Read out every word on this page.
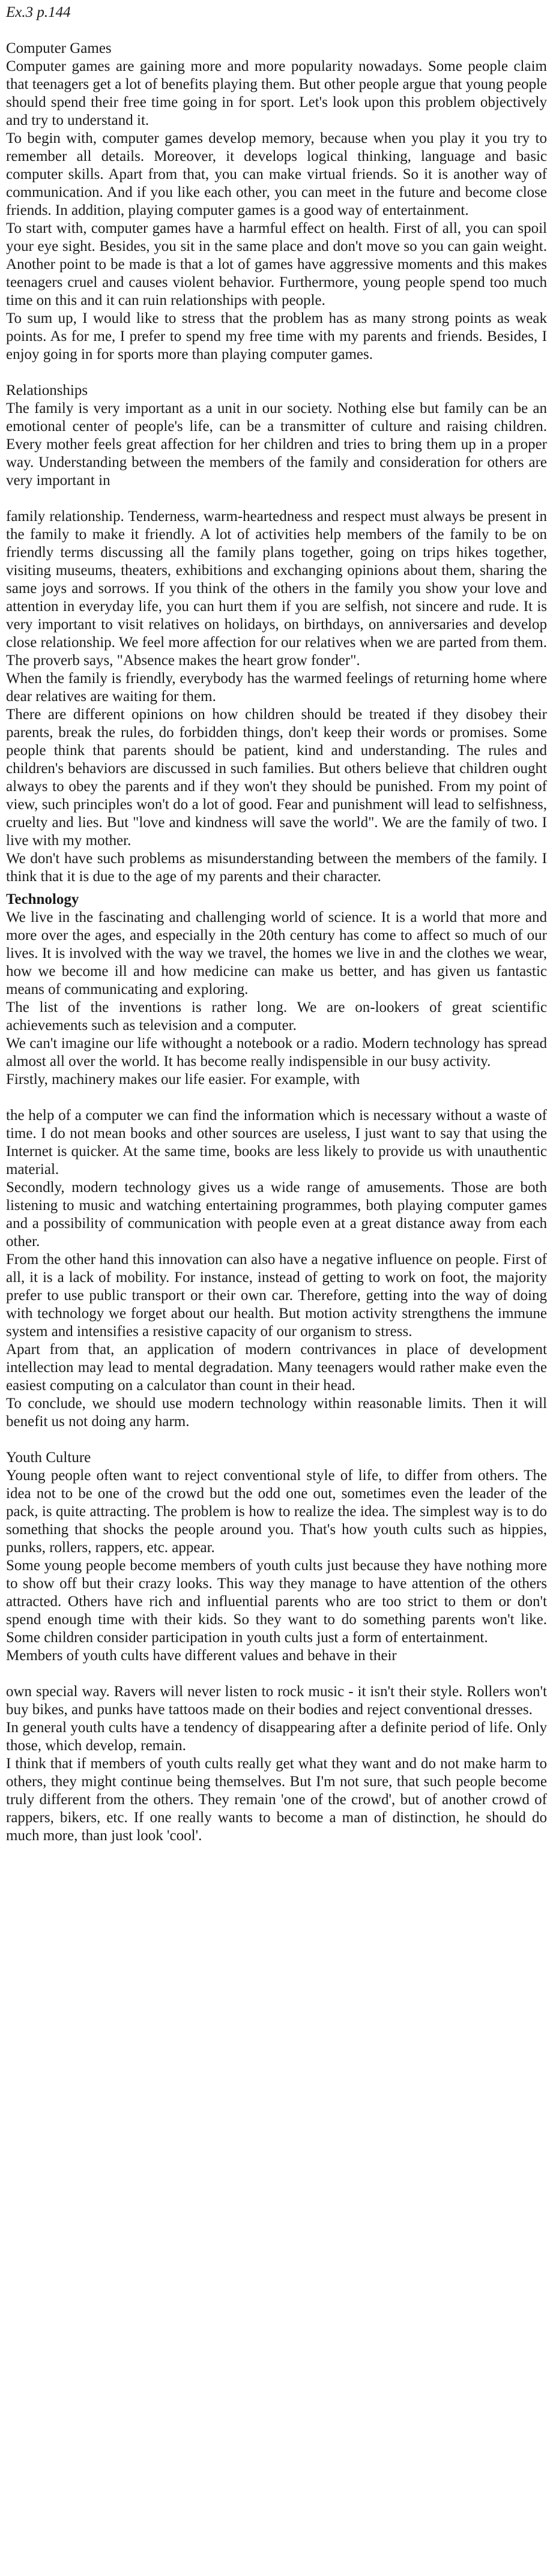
Ex.3 p.144
Computer Games

Computer games are gaining more and more popularity nowadays. Some people claim that teenagers get a lot of benefits playing them. But other people argue that young people should spend their free time going in for sport. Let's look upon this problem objectively and try to understand it.

To begin with, computer games develop memory, because when you play it you try to remember all details. Moreover, it develops logical thinking, language and basic computer skills. Apart from that, you can make virtual friends. So it is another way of communication. And if you like each other, you can meet in the future and become close friends. In addition, playing computer games is a good way of entertainment.

To start with, computer games have a harmful effect on health. First of all, you can spoil your eye sight. Besides, you sit in the same place and don't move so you can gain weight. Another point to be made is that a lot of games have aggressive moments and this makes teenagers cruel and causes violent behavior. Furthermore, young people spend too much time on this and it can ruin relationships with people.

To sum up, I would like to stress that the problem has as many strong points as weak points. As for me, I prefer to spend my free time with my parents and friends. Besides, I enjoy going in for sports more than playing computer games.

Relationships

The family is very important as a unit in our society. Nothing else but family can be an emotional center of people's life, can be a transmitter of culture and raising children. Every mother feels great affection for her children and tries to bring them up in a proper way. Understanding between the members of the family and consideration for others are very important in

family relationship. Tenderness, warm-heartedness and respect must always be present in the family to make it friendly. A lot of activities help members of the family to be on friendly terms discussing all the family plans together, going on trips hikes together, visiting museums, theaters, exhibitions and exchanging opinions about them, sharing the same joys and sorrows. If you think of the others in the family you show your love and attention in everyday life, you can hurt them if you are selfish, not sincere and rude. It is very important to visit relatives on holidays, on birthdays, on anniversaries and develop close relationship. We feel more affection for our relatives when we are parted from them. The proverb says, "Absence makes the heart grow fonder".

When the family is friendly, everybody has the warmed feelings of returning home where dear relatives are waiting for them.

There are different opinions on how children should be treated if they disobey their parents, break the rules, do forbidden things, don't keep their words or promises. Some people think that parents should be patient, kind and understanding. The rules and children's behaviors are discussed in such families. But others believe that children ought always to obey the parents and if they won't they should be punished. From my point of view, such principles won't do a lot of good. Fear and punishment will lead to selfishness, cruelty and lies. But "love and kindness will save the world". We are the family of two. I live with my mother.

We don't have such problems as misunderstanding between the members of the family. I think that it is due to the age of my parents and their character.

Technology

We live in the fascinating and challenging world of science. It is a world that more and more over the ages, and especially in the 20th century has come to affect so much of our lives. It is involved with the way we travel, the homes we live in and the clothes we wear, how we become ill and how medicine can make us better, and has given us fantastic means of communicating and exploring.

The list of the inventions is rather long. We are on-lookers of great scientific achievements such as television and a computer.

We can't imagine our life withought a notebook or a radio. Modern technology has spread almost all over the world. It has become really indispensible in our busy activity.

Firstly, machinery makes our life easier. For example, with

the help of a computer we can find the information which is necessary without a waste of time. I do not mean books and other sources are useless, I just want to say that using the Internet is quicker. At the same time, books are less likely to provide us with unauthentic material.

Secondly, modern technology gives us a wide range of amusements. Those are both listening to music and watching entertaining programmes, both playing computer games and a possibility of communication with people even at a great distance away from each other.

From the other hand this innovation can also have a negative influence on people. First of all, it is a lack of mobility. For instance, instead of getting to work on foot, the majority prefer to use public transport or their own car. Therefore, getting into the way of doing with technology we forget about our health. But motion activity strengthens the immune system and intensifies a resistive capacity of our organism to stress.

Apart from that, an application of modern contrivances in place of development intellection may lead to mental degradation. Many teenagers would rather make even the easiest computing on a calculator than count in their head.

To conclude, we should use modern technology within reasonable limits. Then it will benefit us not doing any harm.

Youth Culture

Young people often want to reject conventional style of life, to differ from others. The idea not to be one of the crowd but the odd one out, sometimes even the leader of the pack, is quite attracting. The problem is how to realize the idea. The simplest way is to do something that shocks the people around you. That's how youth cults such as hippies, punks, rollers, rappers, etc. appear.

Some young people become members of youth cults just because they have nothing more to show off but their crazy looks. This way they manage to have attention of the others attracted. Others have rich and influential parents who are too strict to them or don't spend enough time with their kids. So they want to do something parents won't like. Some children consider participation in youth cults just a form of entertainment.

Members of youth cults have different values and behave in their

own special way. Ravers will never listen to rock music - it isn't their style. Rollers won't buy bikes, and punks have tattoos made on their bodies and reject conventional dresses.

In general youth cults have a tendency of disappearing after a definite period of life. Only those, which develop, remain.

I think that if members of youth cults really get what they want and do not make harm to others, they might continue being themselves. But I'm not sure, that such people become truly different from the others. They remain 'one of the crowd', but of another crowd of rappers, bikers, etc. If one really wants to become a man of distinction, he should do much more, than just look 'cool'.
